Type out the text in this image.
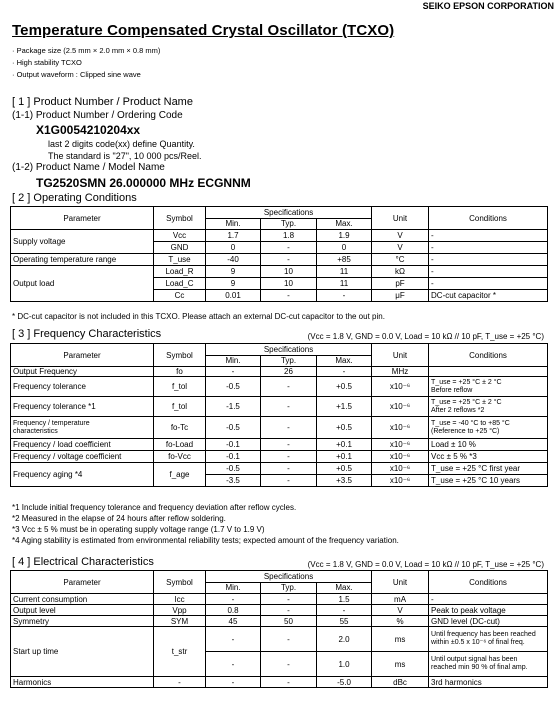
SEIKO EPSON CORPORATION
Temperature Compensated Crystal Oscillator (TCXO)
· Package size (2.5 mm × 2.0 mm × 0.8 mm)
· High stability TCXO
· Output waveform : Clipped sine wave
[ 1 ] Product Number / Product Name
(1-1) Product Number / Ordering Code
X1G0054210204xx
last 2 digits code(xx) define Quantity.
The standard is "27", 10 000 pcs/Reel.
(1-2) Product Name / Model Name
TG2520SMN 26.000000 MHz ECGNNM
[ 2 ] Operating Conditions
Parameter	Symbol	Specifications			Unit	Conditions
		Min.	Typ.	Max.		
Supply voltage	Vcc	1.7	1.8	1.9	V	-
	GND	0	-	0	V	-
Operating temperature range	T_use	-40	-	+85	°C	-
Output load	Load_R	9	10	11	kΩ	-
	Load_C	9	10	11	pF	-
	Cc	0.01	-	-	μF	DC-cut capacitor *
* DC-cut capacitor is not included in this TCXO. Please attach an external DC-cut capacitor to the out pin.
[ 3 ] Frequency Characteristics	(Vcc = 1.8 V, GND = 0.0 V, Load = 10 kΩ // 10 pF, T_use = +25 °C)
Parameter	Symbol	Specifications			Unit	Conditions
		Min.	Typ.	Max.		
Output Frequency	fo	-	26	-	MHz	
Frequency tolerance	f_tol	-0.5	-	+0.5	x10⁻⁶	T_use = +25 °C ± 2 °C
Before reflow
Frequency tolerance *1	f_tol	-1.5	-	+1.5	x10⁻⁶	T_use = +25 °C ± 2 °C
After 2 reflows *2
Frequency / temperature
characteristics	fo-Tc	-0.5	-	+0.5	x10⁻⁶	T_use = -40 °C to +85 °C
(Reference to +25 °C)
Frequency / load coefficient	fo-Load	-0.1	-	+0.1	x10⁻⁶	Load ± 10 %
Frequency / voltage coefficient	fo-Vcc	-0.1	-	+0.1	x10⁻⁶	Vcc ± 5 % *3
Frequency aging *4	f_age	-0.5	-	+0.5	x10⁻⁶	T_use = +25 °C first year
		-3.5	-	+3.5	x10⁻⁶	T_use = +25 °C 10 years
*1 Include initial frequency tolerance and frequency deviation after reflow cycles.
*2 Measured in the elapse of 24 hours after reflow soldering.
*3 Vcc ± 5 % must be in operating supply voltage range (1.7 V to 1.9 V)
*4 Aging stability is estimated from environmental reliability tests; expected amount of the frequency variation.
[ 4 ] Electrical Characteristics	(Vcc = 1.8 V, GND = 0.0 V, Load = 10 kΩ // 10 pF, T_use = +25 °C)
Parameter	Symbol	Specifications			Unit	Conditions
		Min.	Typ.	Max.		
Current consumption	Icc	-	-	1.5	mA	-
Output level	Vpp	0.8	-	-	V	Peak to peak voltage
Symmetry	SYM	45	50	55	%	GND level (DC-cut)
Start up time	t_str	-	-	2.0	ms	Until frequency has been reached
within ±0.5 x 10⁻⁶ of final freq.
		-	-	1.0	ms	Until output signal has been
reached min 90 % of final amp.
Harmonics	-	-	-	-5.0	dBc	3rd harmonics
